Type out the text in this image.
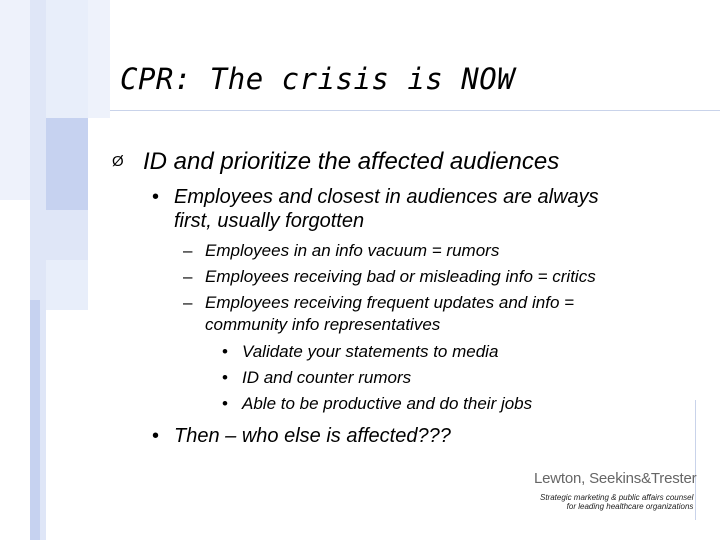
CPR: The crisis is NOW
Ø ID and prioritize the affected audiences
• Employees and closest in audiences are always
first, usually forgotten
– Employees in an info vacuum = rumors
– Employees receiving bad or misleading info = critics
– Employees receiving frequent updates and info =
community info representatives
• Validate your statements to media
• ID and counter rumors
• Able to be productive and do their jobs
• Then – who else is affected???
Lewton, Seekins&Trester
Strategic marketing & public affairs counsel
for leading healthcare organizations
